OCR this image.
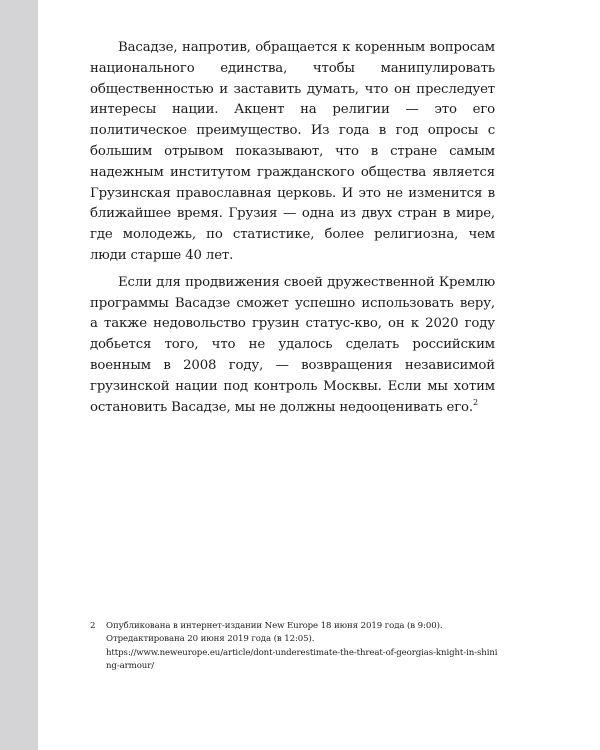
Васадзе, напротив, обращается к коренным вопросам национального единства, чтобы манипулировать общественностью и заставить думать, что он преследует интересы нации. Акцент на религии — это его политическое преимущество. Из года в год опросы с большим отрывом показывают, что в стране самым надежным институтом гражданского общества является Грузинская православная церковь. И это не изменится в ближайшее время. Грузия — одна из двух стран в мире, где молодежь, по статистике, более религиозна, чем люди старше 40 лет.

Если для продвижения своей дружественной Кремлю программы Васадзе сможет успешно использовать веру, а также недовольство грузин статус-кво, он к 2020 году добьется того, что не удалось сделать российским военным в 2008 году, — возвращения независимой грузинской нации под контроль Москвы. Если мы хотим остановить Васадзе, мы не должны недооценивать его.$^2$

2 Опубликована в интернет-издании New Europe 18 июня 2019 года (в 9:00).
Отредактирована 20 июня 2019 года (в 12:05).
https://www.neweurope.eu/article/dont-underestimate-the-threat-of-georgias-knight-in-shining-armour/
